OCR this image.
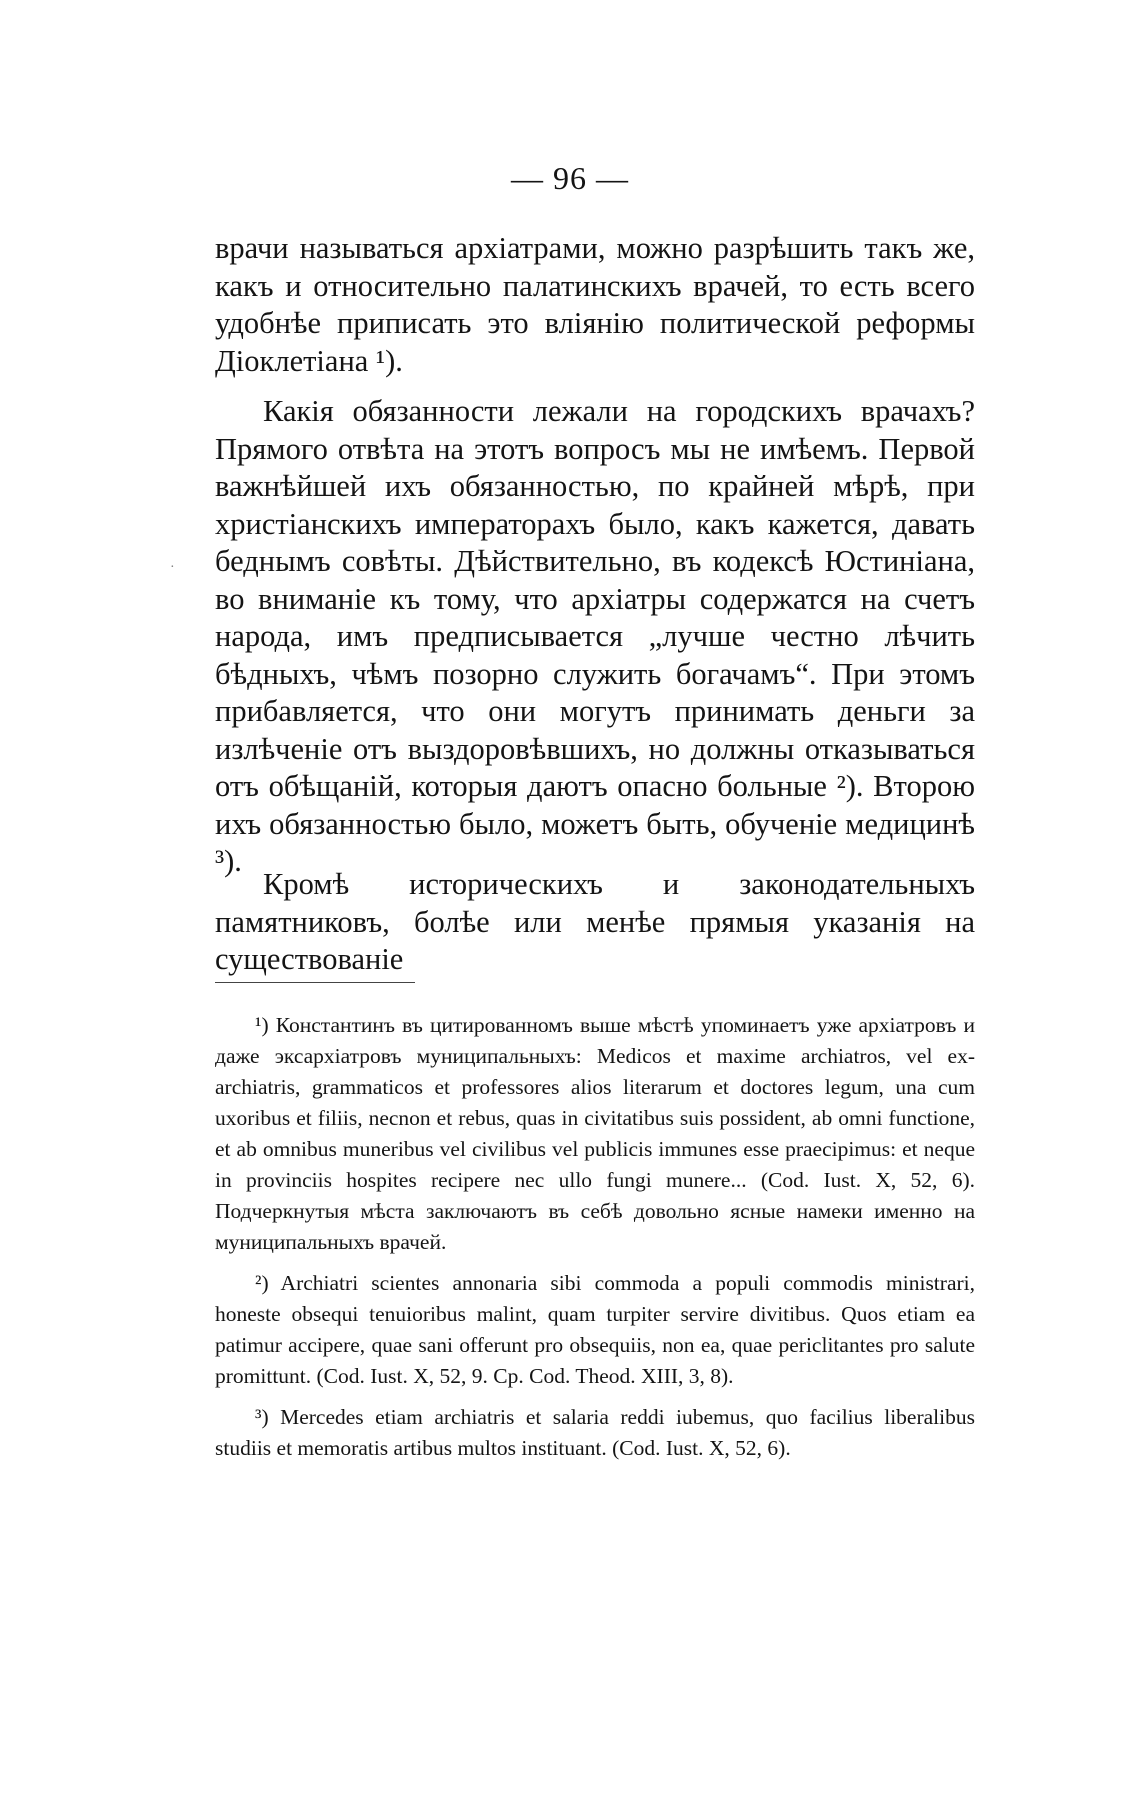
— 96 —
·

врачи называться архіатрами, можно разрѣшить такъ же, какъ и относительно палатинскихъ врачей, то есть всего удобнѣе приписать это вліянію политической реформы Діоклетіана ¹).

Какія обязанности лежали на городскихъ врачахъ? Прямого отвѣта на этотъ вопросъ мы не имѣемъ. Первой важнѣйшей ихъ обязанностью, по крайней мѣрѣ, при христіанскихъ императорахъ было, какъ кажется, давать беднымъ совѣты. Дѣйствительно, въ кодексѣ Юстиніана, во вниманіе къ тому, что архіатры содержатся на счетъ народа, имъ предписывается „лучше честно лѣчить бѣдныхъ, чѣмъ позорно служить богачамъ“. При этомъ прибавляется, что они могутъ принимать деньги за излѣченіе отъ выздоровѣвшихъ, но должны отказываться отъ обѣщаній, которыя даютъ опасно больные ²). Второю ихъ обязанностью было, можетъ быть, обученіе медицинѣ ³).

Кромѣ историческихъ и законодательныхъ памятниковъ, болѣе или менѣе прямыя указанія на существованіе

¹) Константинъ въ цитированномъ выше мѣстѣ упоминаетъ уже архіатровъ и даже эксархіатровъ муниципальныхъ: Medicos et maxime archiatros, vel ex-archiatris, grammaticos et professores alios literarum et doctores legum, una cum uxoribus et filiis, necnon et rebus, quas in civitatibus suis possident, ab omni functione, et ab omnibus muneribus vel civilibus vel publicis immunes esse praecipimus: et neque in provinciis hospites recipere nec ullo fungi munere... (Cod. Iust. X, 52, 6). Подчеркнутыя мѣста заключаютъ въ себѣ довольно ясные намеки именно на муниципальныхъ врачей.

²) Archiatri scientes annonaria sibi commoda a populi commodis ministrari, honeste obsequi tenuioribus malint, quam turpiter servire divitibus. Quos etiam ea patimur accipere, quae sani offerunt pro obsequiis, non ea, quae periclitantes pro salute promittunt. (Cod. Iust. X, 52, 9. Cp. Cod. Theod. XIII, 3, 8).

³) Mercedes etiam archiatris et salaria reddi iubemus, quo facilius liberalibus studiis et memoratis artibus multos instituant. (Cod. Iust. X, 52, 6).
